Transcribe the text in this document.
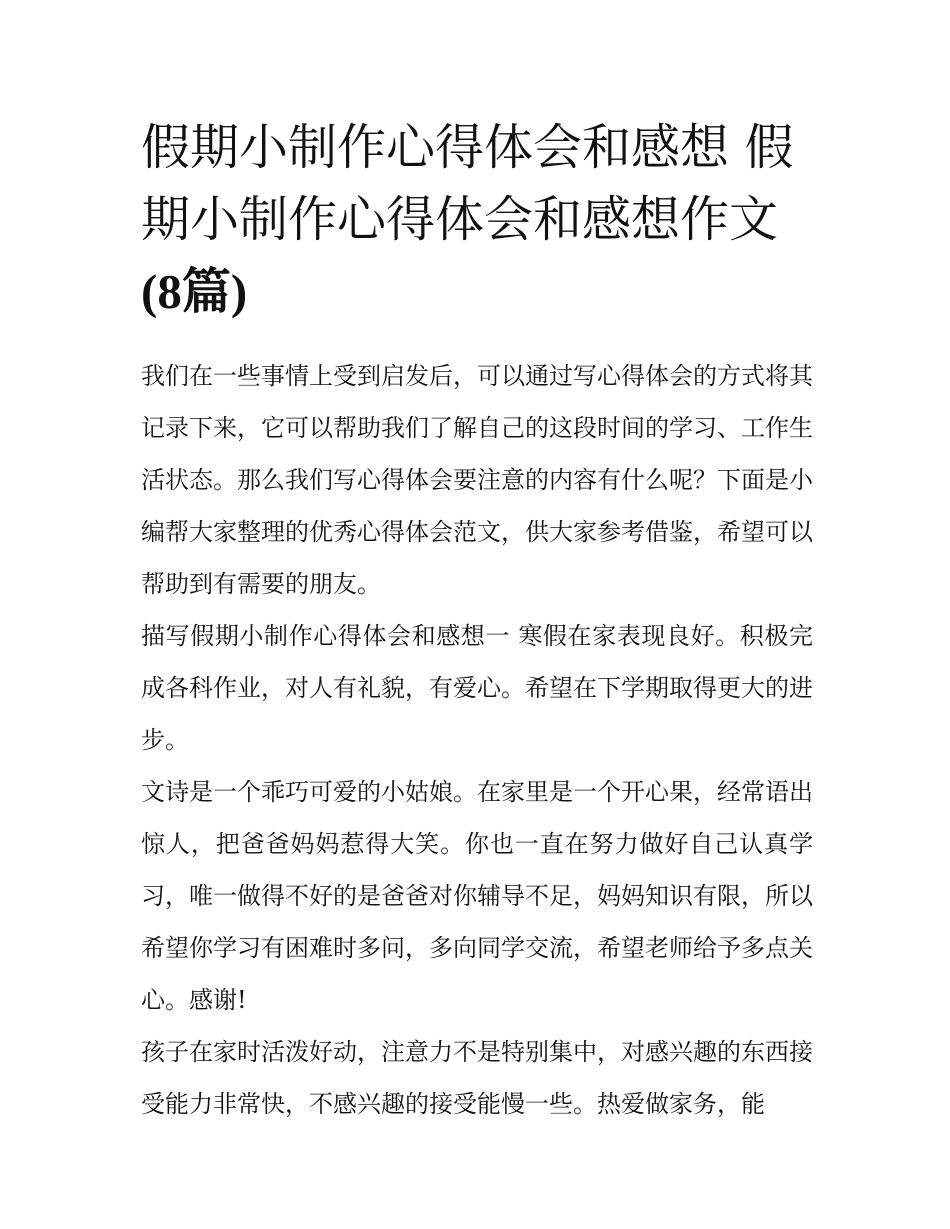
假期小制作心得体会和感想 假期小制作心得体会和感想作文(8篇)

我们在一些事情上受到启发后，可以通过写心得体会的方式将其记录下来，它可以帮助我们了解自己的这段时间的学习、工作生活状态。那么我们写心得体会要注意的内容有什么呢？下面是小编帮大家整理的优秀心得体会范文，供大家参考借鉴，希望可以帮助到有需要的朋友。

描写假期小制作心得体会和感想一 寒假在家表现良好。积极完成各科作业，对人有礼貌，有爱心。希望在下学期取得更大的进步。

文诗是一个乖巧可爱的小姑娘。在家里是一个开心果，经常语出惊人，把爸爸妈妈惹得大笑。你也一直在努力做好自己认真学习，唯一做得不好的是爸爸对你辅导不足，妈妈知识有限，所以希望你学习有困难时多问，多向同学交流，希望老师给予多点关心。感谢!

孩子在家时活泼好动，注意力不是特别集中，对感兴趣的东西接受能力非常快，不感兴趣的接受能慢一些。热爱做家务，能
